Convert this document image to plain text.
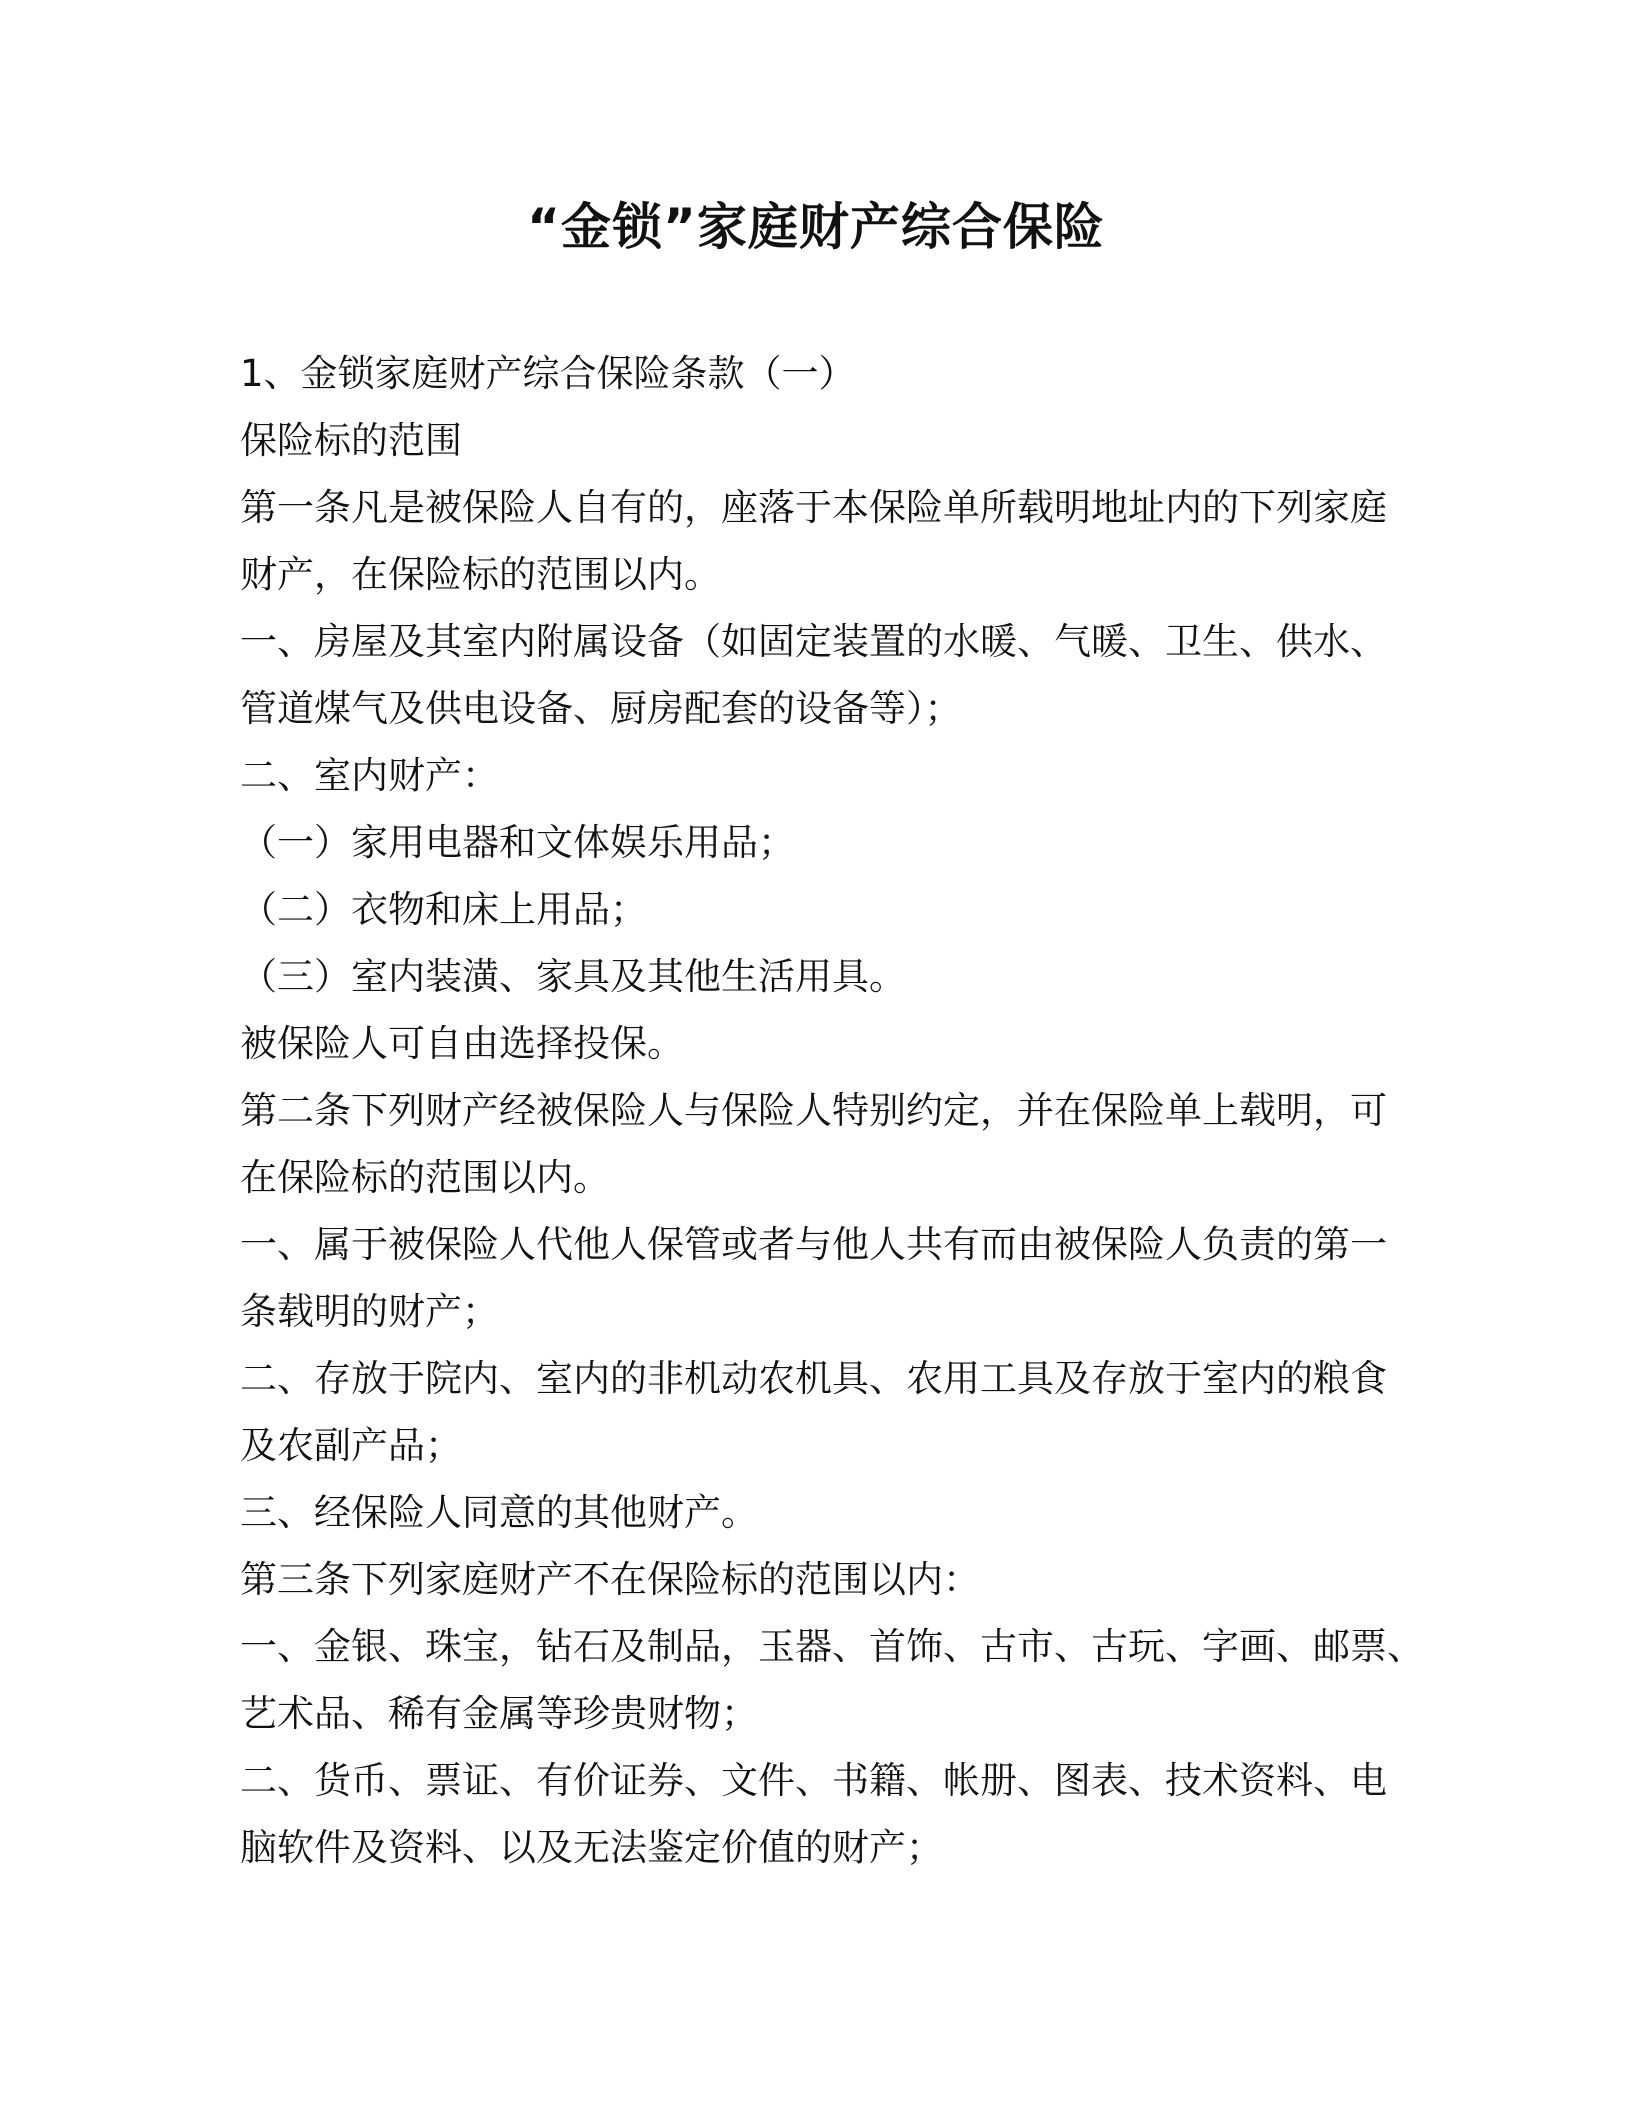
“金锁”家庭财产综合保险

1、金锁家庭财产综合保险条款（一）

保险标的范围

第一条凡是被保险人自有的，座落于本保险单所载明地址内的下列家庭

财产，在保险标的范围以内。

一、房屋及其室内附属设备（如固定装置的水暖、气暖、卫生、供水、

管道煤气及供电设备、厨房配套的设备等）；

二、室内财产：

（一）家用电器和文体娱乐用品；

（二）衣物和床上用品；

（三）室内装潢、家具及其他生活用具。

被保险人可自由选择投保。

第二条下列财产经被保险人与保险人特别约定，并在保险单上载明，可

在保险标的范围以内。

一、属于被保险人代他人保管或者与他人共有而由被保险人负责的第一

条载明的财产；

二、存放于院内、室内的非机动农机具、农用工具及存放于室内的粮食

及农副产品；

三、经保险人同意的其他财产。

第三条下列家庭财产不在保险标的范围以内：

一、金银、珠宝，钻石及制品，玉器、首饰、古市、古玩、字画、邮票、

艺术品、稀有金属等珍贵财物；

二、货币、票证、有价证券、文件、书籍、帐册、图表、技术资料、电

脑软件及资料、以及无法鉴定价值的财产；
